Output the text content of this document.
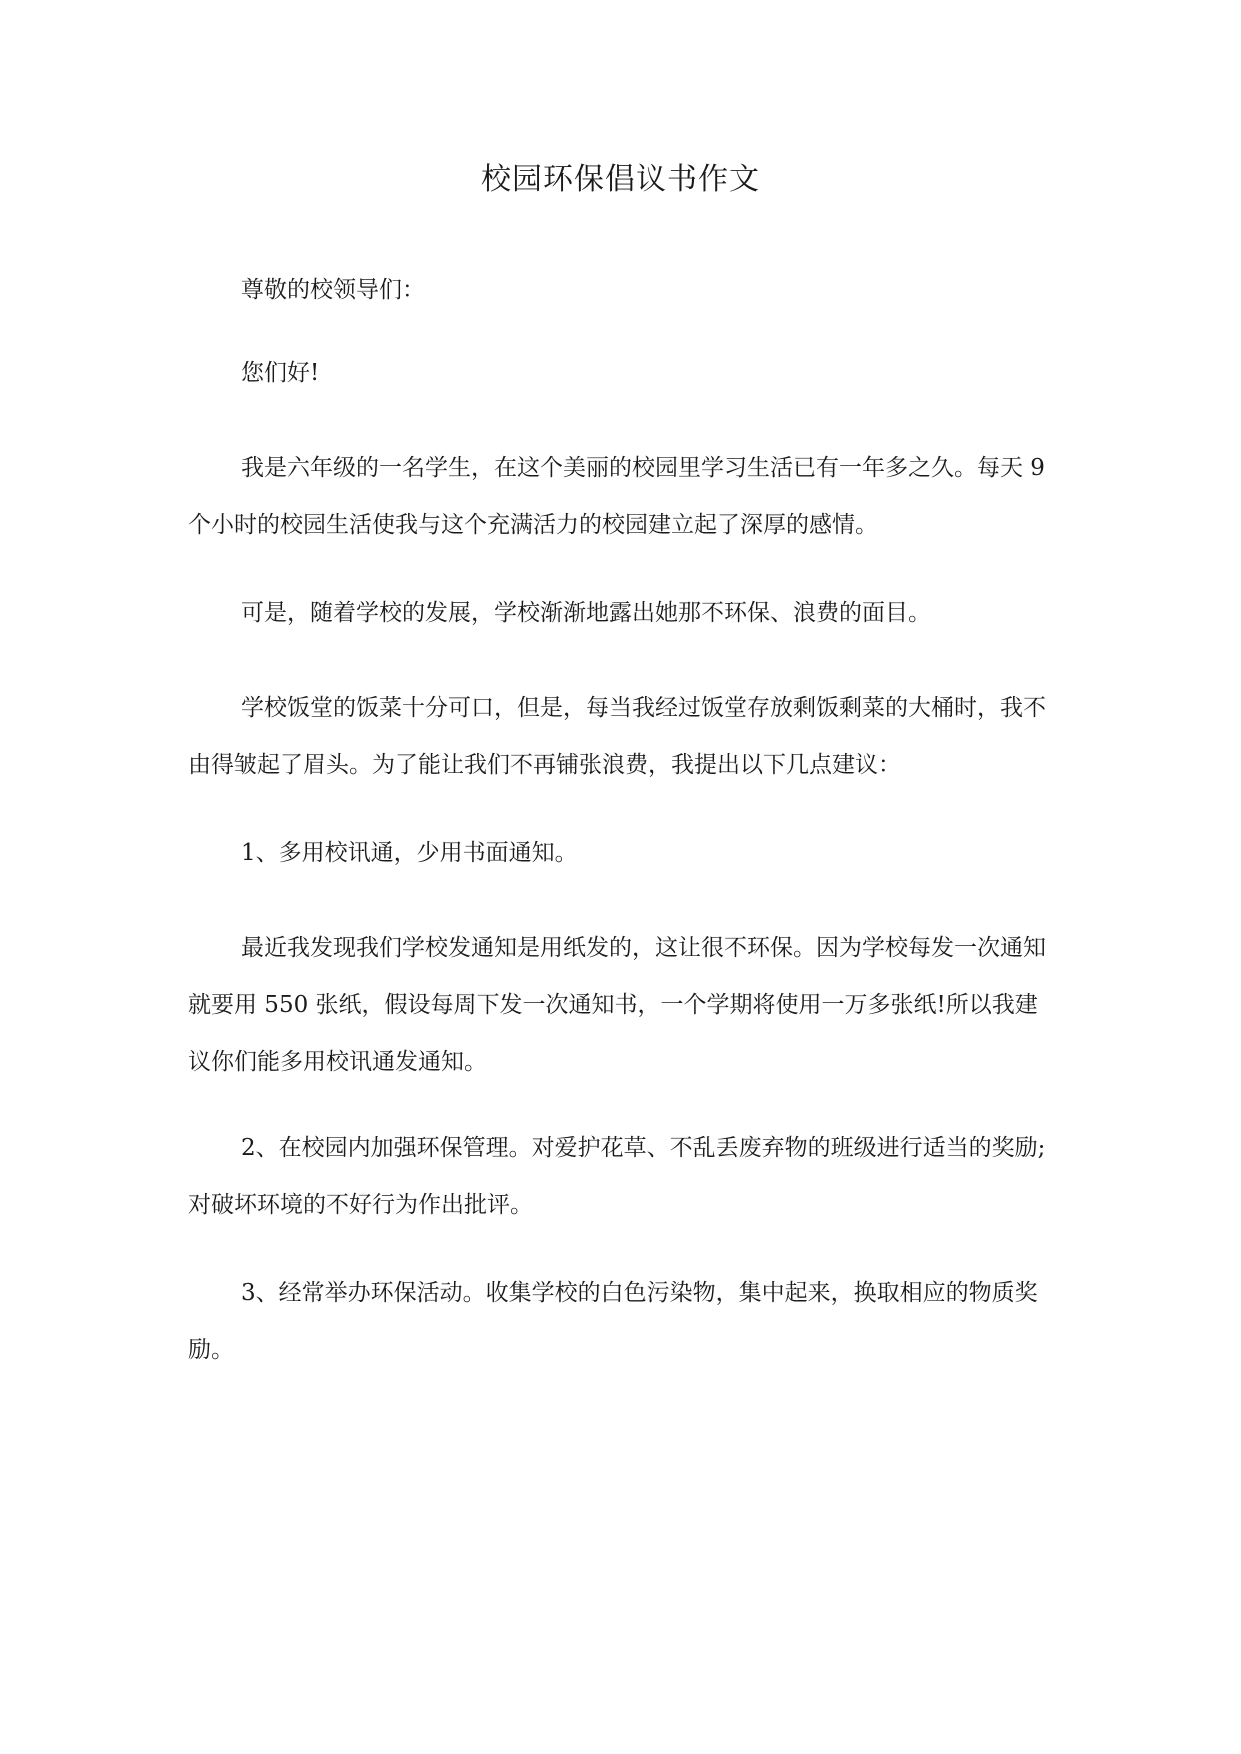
校园环保倡议书作文

尊敬的校领导们：

您们好!

我是六年级的一名学生，在这个美丽的校园里学习生活已有一年多之久。每天 9 个小时的校园生活使我与这个充满活力的校园建立起了深厚的感情。

可是，随着学校的发展，学校渐渐地露出她那不环保、浪费的面目。

学校饭堂的饭菜十分可口，但是，每当我经过饭堂存放剩饭剩菜的大桶时，我不由得皱起了眉头。为了能让我们不再铺张浪费，我提出以下几点建议：

1、多用校讯通，少用书面通知。

最近我发现我们学校发通知是用纸发的，这让很不环保。因为学校每发一次通知就要用 550 张纸，假设每周下发一次通知书，一个学期将使用一万多张纸!所以我建议你们能多用校讯通发通知。

2、在校园内加强环保管理。对爱护花草、不乱丢废弃物的班级进行适当的奖励;对破坏环境的不好行为作出批评。

3、经常举办环保活动。收集学校的白色污染物，集中起来，换取相应的物质奖励。
